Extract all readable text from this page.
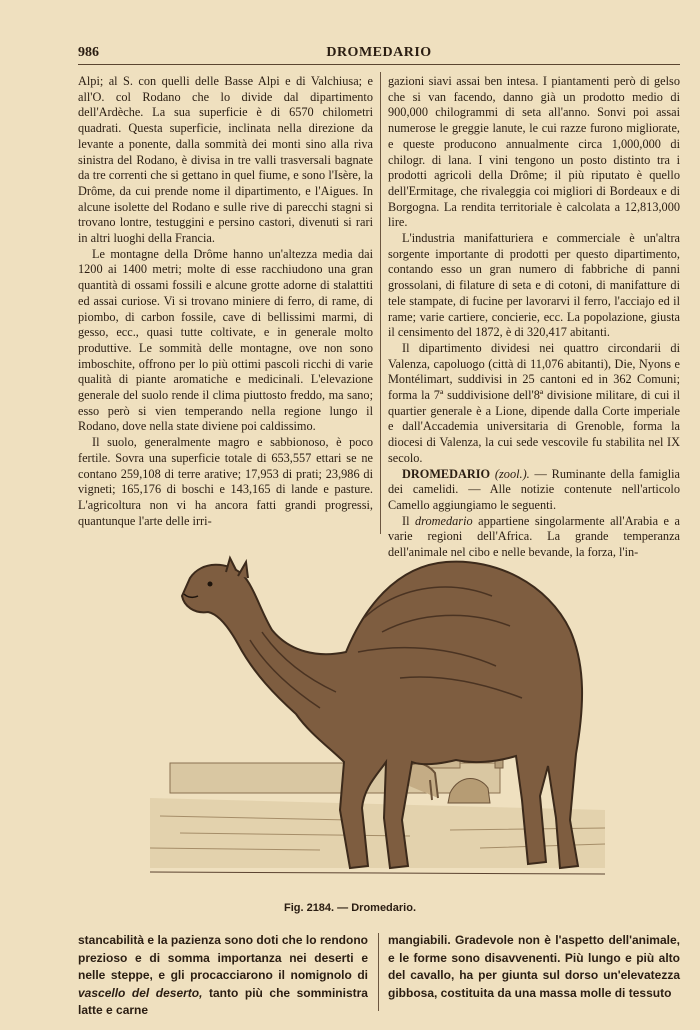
986	DROMEDARIO

Alpi; al S. con quelli delle Basse Alpi e di Valchiusa; e all'O. col Rodano che lo divide dal dipartimento dell'Ardèche. La sua superficie è di 6570 chilometri quadrati. Questa superficie, inclinata nella direzione da levante a ponente, dalla sommità dei monti sino alla riva sinistra del Rodano, è divisa in tre valli trasversali bagnate da tre correnti che si gettano in quel fiume, e sono l'Isère, la Drôme, da cui prende nome il dipartimento, e l'Aigues. In alcune isolette del Rodano e sulle rive di parecchi stagni si trovano lontre, testuggini e persino castori, divenuti si rari in altri luoghi della Francia.

Le montagne della Drôme hanno un'altezza media dai 1200 ai 1400 metri; molte di esse racchiudono una gran quantità di ossami fossili e alcune grotte adorne di stalattiti ed assai curiose. Vi si trovano miniere di ferro, di rame, di piombo, di carbon fossile, cave di bellissimi marmi, di gesso, ecc., quasi tutte coltivate, e in generale molto produttive. Le sommità delle montagne, ove non sono imboschite, offrono per lo più ottimi pascoli ricchi di varie qualità di piante aromatiche e medicinali. L'elevazione generale del suolo rende il clima piuttosto freddo, ma sano; esso però si vien temperando nella regione lungo il Rodano, dove nella state diviene poi caldissimo.

Il suolo, generalmente magro e sabbionoso, è poco fertile. Sovra una superficie totale di 653,557 ettari se ne contano 259,108 di terre arative; 17,953 di prati; 23,986 di vigneti; 165,176 di boschi e 143,165 di lande e pasture. L'agricoltura non vi ha ancora fatti grandi progressi, quantunque l'arte delle irri-

gazioni siavi assai ben intesa. I piantamenti però di gelso che si van facendo, danno già un prodotto medio di 900,000 chilogrammi di seta all'anno. Sonvi poi assai numerose le greggie lanute, le cui razze furono migliorate, e queste producono annualmente circa 1,000,000 di chilogr. di lana. I vini tengono un posto distinto tra i prodotti agricoli della Drôme; il più riputato è quello dell'Ermitage, che rivaleggia coi migliori di Bordeaux e di Borgogna. La rendita territoriale è calcolata a 12,813,000 lire.

L'industria manifatturiera e commerciale è un'altra sorgente importante di prodotti per questo dipartimento, contando esso un gran numero di fabbriche di panni grossolani, di filature di seta e di cotoni, di manifatture di tele stampate, di fucine per lavorarvi il ferro, l'acciajo ed il rame; varie cartiere, concierie, ecc. La popolazione, giusta il censimento del 1872, è di 320,417 abitanti.

Il dipartimento dividesi nei quattro circondarii di Valenza, capoluogo (città di 11,076 abitanti), Die, Nyons e Montélimart, suddivisi in 25 cantoni ed in 362 Comuni; forma la 7ª suddivisione dell'8ª divisione militare, di cui il quartier generale è a Lione, dipende dalla Corte imperiale e dall'Accademia universitaria di Grenoble, forma la diocesi di Valenza, la cui sede vescovile fu stabilita nel IX secolo.

DROMEDARIO (zool.). — Ruminante della famiglia dei camelidi. — Alle notizie contenute nell'articolo Camello aggiungiamo le seguenti.

Il dromedario appartiene singolarmente all'Arabia e a varie regioni dell'Africa. La grande temperanza dell'animale nel cibo e nelle bevande, la forza, l'in-

Fig. 2184. — Dromedario.

stancabilità e la pazienza sono doti che lo rendono prezioso e di somma importanza nei deserti e nelle steppe, e gli procacciarono il nomignolo di vascello del deserto, tanto più che somministra latte e carne

mangiabili. Gradevole non è l'aspetto dell'animale, e le forme sono disavvenenti. Più lungo e più alto del cavallo, ha per giunta sul dorso un'elevatezza gibbosa, costituita da una massa molle di tessuto
